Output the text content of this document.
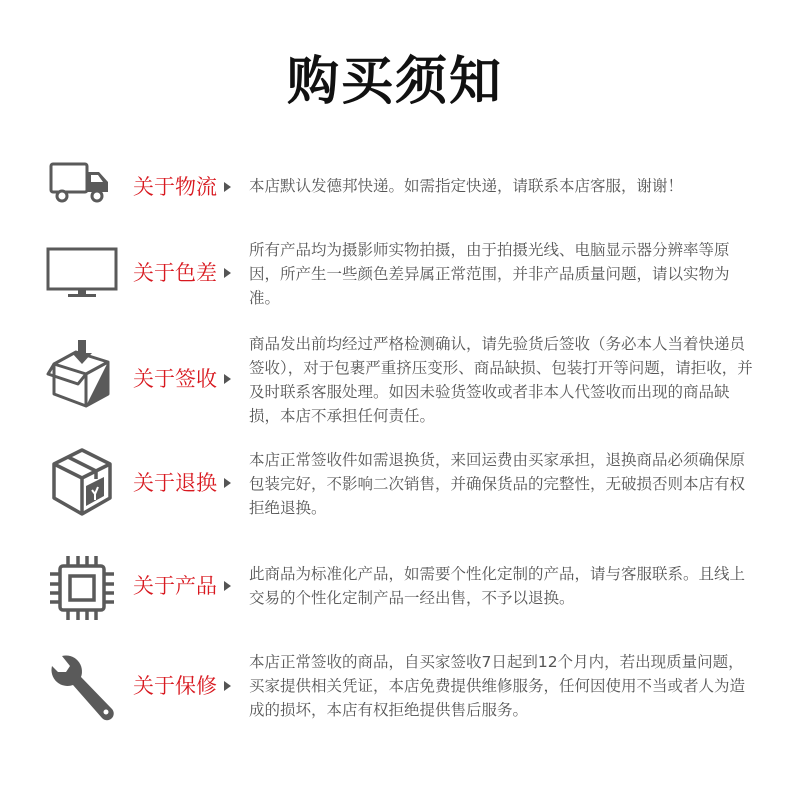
购买须知
关于物流 本店默认发德邦快递。如需指定快递，请联系本店客服，谢谢！
关于色差
所有产品均为摄影师实物拍摄，由于拍摄光线、电脑显示器分辨率等原因，所产生一些颜色差异属正常范围，并非产品质量问题，请以实物为准。
关于签收
商品发出前均经过严格检测确认，请先验货后签收（务必本人当着快递员签收），对于包裹严重挤压变形、商品缺损、包装打开等问题，请拒收，并及时联系客服处理。如因未验货签收或者非本人代签收而出现的商品缺损，本店不承担任何责任。
关于退换
本店正常签收件如需退换货，来回运费由买家承担，退换商品必须确保原包装完好，不影响二次销售，并确保货品的完整性，无破损否则本店有权拒绝退换。
关于产品 此商品为标准化产品，如需要个性化定制的产品，请与客服联系。且线上交易的个性化定制产品一经出售，不予以退换。
关于保修
本店正常签收的商品，自买家签收7日起到12个月内，若出现质量问题，买家提供相关凭证，本店免费提供维修服务，任何因使用不当或者人为造成的损坏，本店有权拒绝提供售后服务。
